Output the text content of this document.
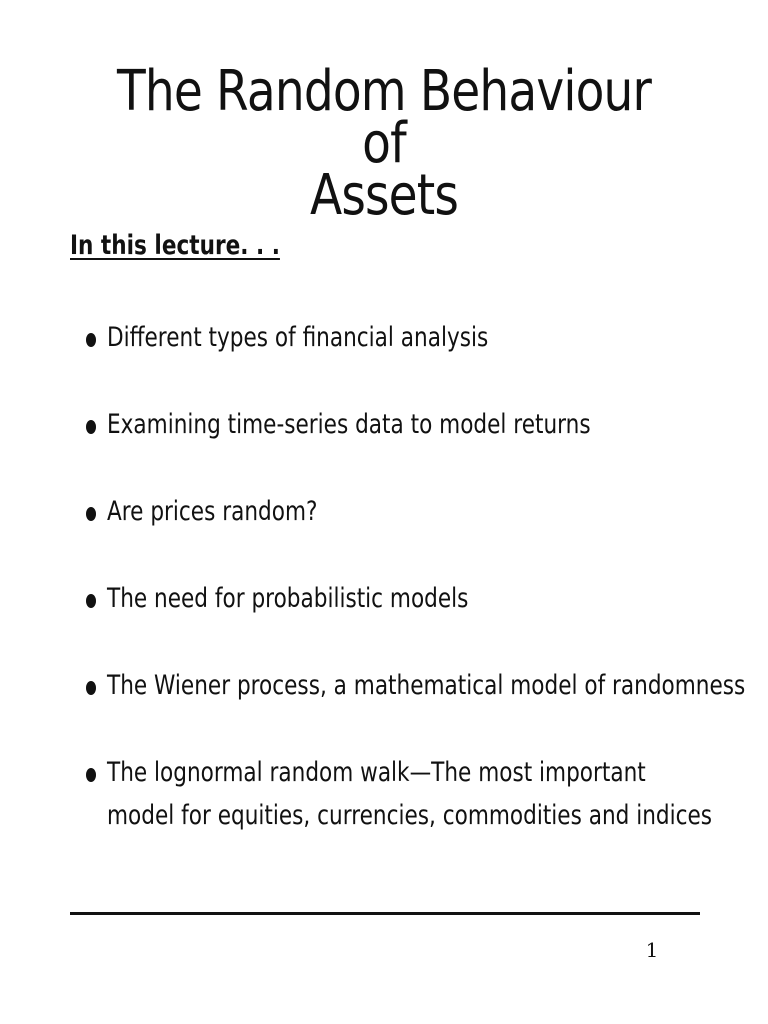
The Random Behaviour of
Assets
In this lecture. . .
Different types of financial analysis
Examining time-series data to model returns
Are prices random?
The need for probabilistic models
The Wiener process, a mathematical model of randomness
The lognormal random walk—The most important model for equities, currencies, commodities and indices
1
